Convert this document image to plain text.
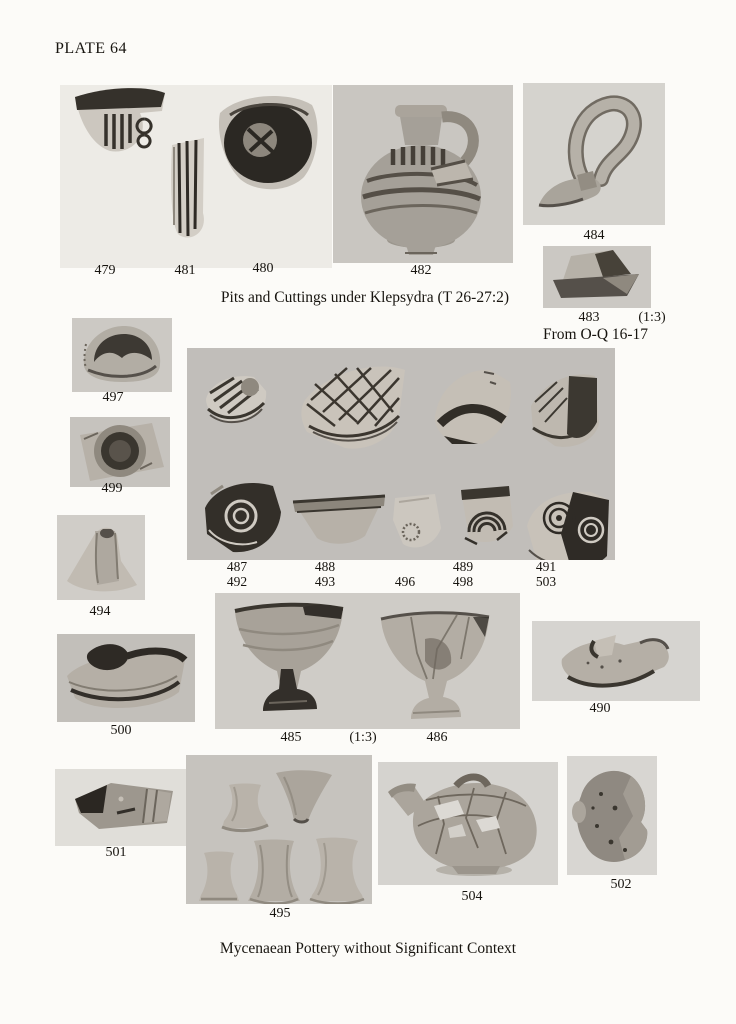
PLATE 64
479	481	480	482
484
483	(1:3)
From O-Q 16-17
Pits and Cuttings under Klepsydra (T 26-27:2)
497
499
494
500
487
492
488
493	496
489
498
491
503
485	(1:3)	486
490
501
495
504
502
Mycenaean Pottery without Significant Context
